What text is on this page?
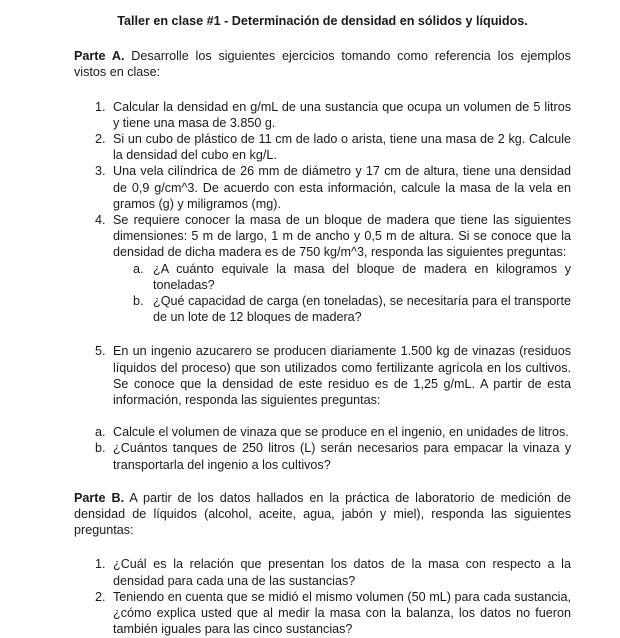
Taller en clase #1 - Determinación de densidad en sólidos y líquidos.

Parte A. Desarrolle los siguientes ejercicios tomando como referencia los ejemplos vistos en clase:

1. Calcular la densidad en g/mL de una sustancia que ocupa un volumen de 5 litros y tiene una masa de 3.850 g.
2. Si un cubo de plástico de 11 cm de lado o arista, tiene una masa de 2 kg. Calcule la densidad del cubo en kg/L.
3. Una vela cilíndrica de 26 mm de diámetro y 17 cm de altura, tiene una densidad de 0,9 g/cm^3. De acuerdo con esta información, calcule la masa de la vela en gramos (g) y miligramos (mg).
4. Se requiere conocer la masa de un bloque de madera que tiene las siguientes dimensiones: 5 m de largo, 1 m de ancho y 0,5 m de altura. Si se conoce que la densidad de dicha madera es de 750 kg/m^3, responda las siguientes preguntas:
a. ¿A cuánto equivale la masa del bloque de madera en kilogramos y toneladas?
b. ¿Qué capacidad de carga (en toneladas), se necesitaría para el transporte de un lote de 12 bloques de madera?
5. En un ingenio azucarero se producen diariamente 1.500 kg de vinazas (residuos líquidos del proceso) que son utilizados como fertilizante agrícola en los cultivos. Se conoce que la densidad de este residuo es de 1,25 g/mL. A partir de esta información, responda las siguientes preguntas:
a. Calcule el volumen de vinaza que se produce en el ingenio, en unidades de litros.
b. ¿Cuántos tanques de 250 litros (L) serán necesarios para empacar la vinaza y transportarla del ingenio a los cultivos?

Parte B. A partir de los datos hallados en la práctica de laboratorio de medición de densidad de líquidos (alcohol, aceite, agua, jabón y miel), responda las siguientes preguntas:

1. ¿Cuál es la relación que presentan los datos de la masa con respecto a la densidad para cada una de las sustancias?
2. Teniendo en cuenta que se midió el mismo volumen (50 mL) para cada sustancia, ¿cómo explica usted que al medir la masa con la balanza, los datos no fueron también iguales para las cinco sustancias?
